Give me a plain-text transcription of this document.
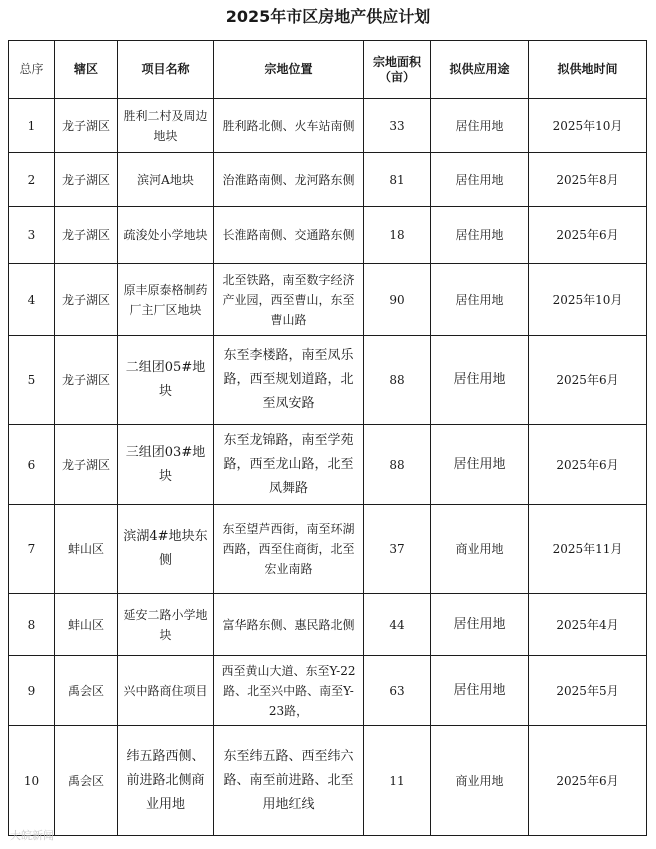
2025年市区房地产供应计划
总序	辖区	项目名称	宗地位置	宗地面积（亩）	拟供应用途	拟供地时间
1	龙子湖区	胜利二村及周边地块	胜利路北侧、火车站南侧	33	居住用地	2025年10月
2	龙子湖区	滨河A地块	治淮路南侧、龙河路东侧	81	居住用地	2025年8月
3	龙子湖区	疏浚处小学地块	长淮路南侧、交通路东侧	18	居住用地	2025年6月
4	龙子湖区	原丰原泰格制药厂主厂区地块	北至铁路，南至数字经济产业园，西至曹山，东至曹山路	90	居住用地	2025年10月
5	龙子湖区	二组团05#地块	东至李楼路，南至凤乐路，西至规划道路，北至凤安路	88	居住用地	2025年6月
6	龙子湖区	三组团03#地块	东至龙锦路，南至学苑路，西至龙山路，北至凤舞路	88	居住用地	2025年6月
7	蚌山区	滨湖4#地块东侧	东至望芦西街，南至环湖西路，西至住商街，北至宏业南路	37	商业用地	2025年11月
8	蚌山区	延安二路小学地块	富华路东侧、惠民路北侧	44	居住用地	2025年4月
9	禹会区	兴中路商住项目	西至黄山大道、东至Y-22路、北至兴中路、南至Y-23路，	63	居住用地	2025年5月
10	禹会区	纬五路西侧、前进路北侧商业用地	东至纬五路、西至纬六路、南至前进路、北至用地红线	11	商业用地	2025年6月
大皖新闻
